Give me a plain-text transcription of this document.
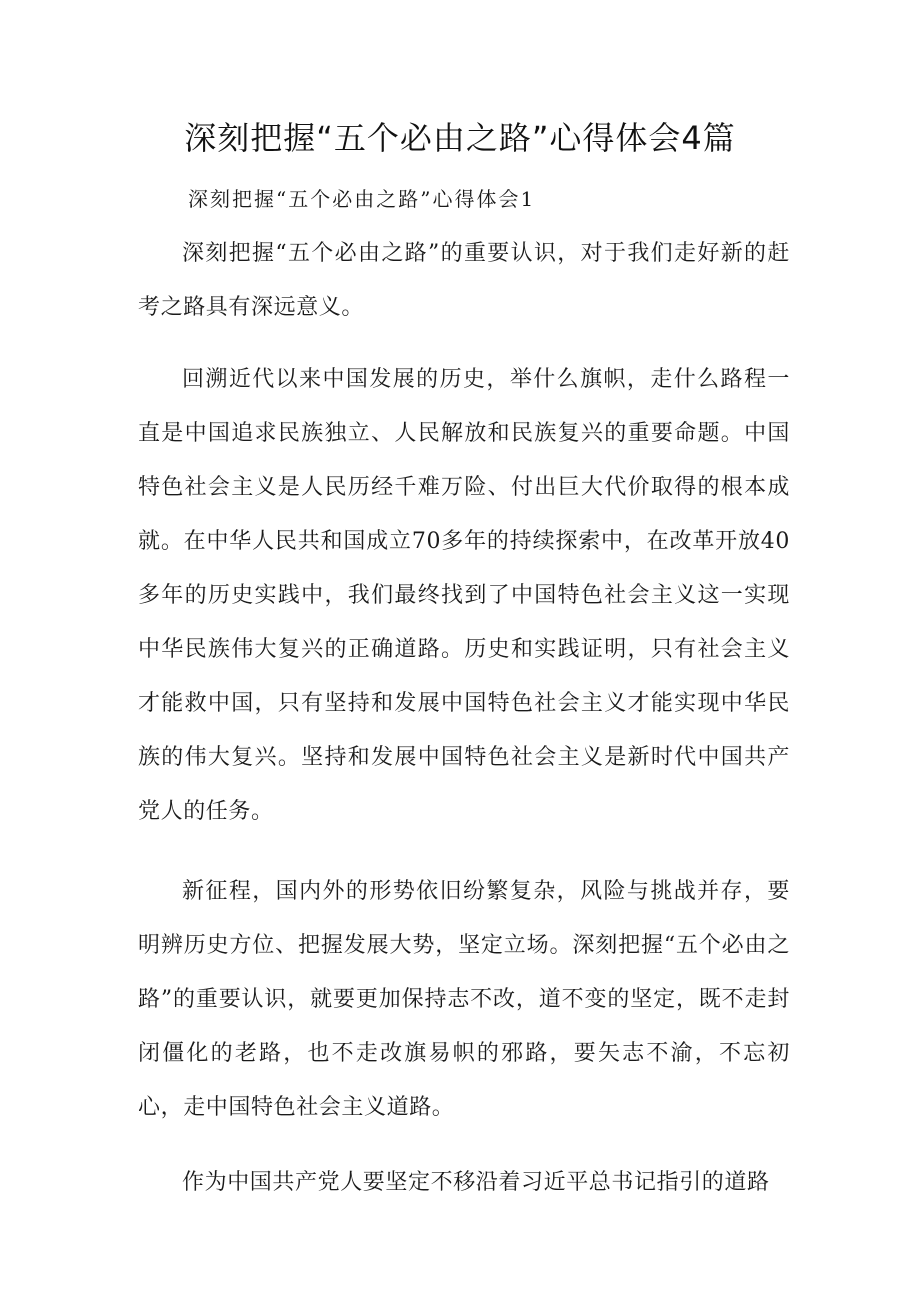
深刻把握“五个必由之路”心得体会4篇
深刻把握“五个必由之路”心得体会1

深刻把握“五个必由之路”的重要认识，对于我们走好新的赶考之路具有深远意义。

回溯近代以来中国发展的历史，举什么旗帜，走什么路程一直是中国追求民族独立、人民解放和民族复兴的重要命题。中国特色社会主义是人民历经千难万险、付出巨大代价取得的根本成就。在中华人民共和国成立70多年的持续探索中，在改革开放40多年的历史实践中，我们最终找到了中国特色社会主义这一实现中华民族伟大复兴的正确道路。历史和实践证明，只有社会主义才能救中国，只有坚持和发展中国特色社会主义才能实现中华民族的伟大复兴。坚持和发展中国特色社会主义是新时代中国共产党人的任务。

新征程，国内外的形势依旧纷繁复杂，风险与挑战并存，要明辨历史方位、把握发展大势，坚定立场。深刻把握“五个必由之路”的重要认识，就要更加保持志不改，道不变的坚定，既不走封闭僵化的老路，也不走改旗易帜的邪路，要矢志不渝，不忘初心，走中国特色社会主义道路。

作为中国共产党人要坚定不移沿着习近平总书记指引的道路
